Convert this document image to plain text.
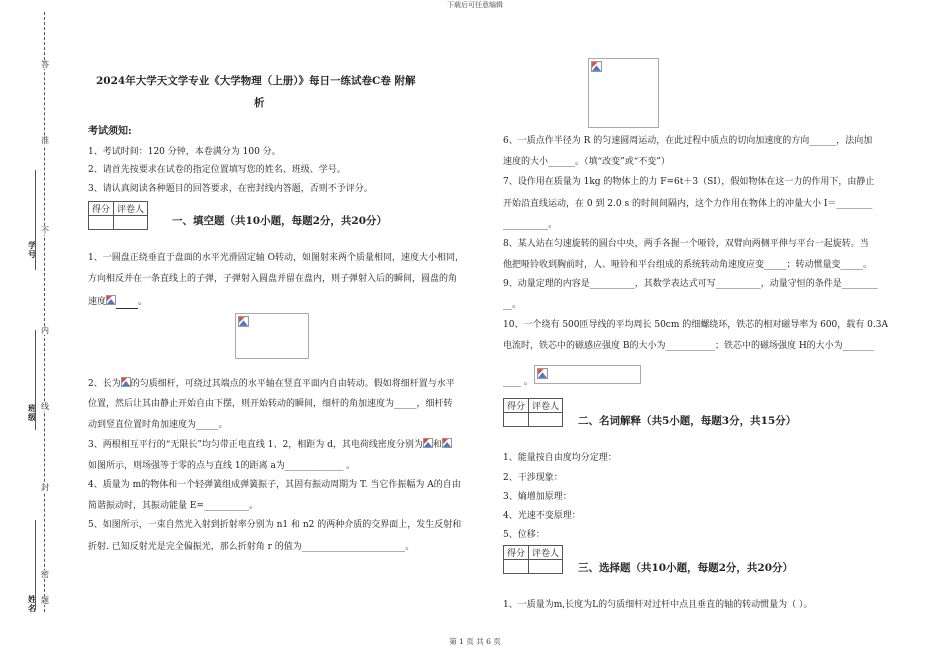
下载后可任意编辑
第 1 页 共 6 页
答
准
不
内
线
封
密
题
学号
班级
姓名
2024年大学天文学专业《大学物理（上册）》每日一练试卷C卷 附解
析
考试须知:
1、考试时间：120 分钟，本卷满分为 100 分。
2、请首先按要求在试卷的指定位置填写您的姓名、班级、学号。
3、请认真阅读各种题目的回答要求，在密封线内答题，否则不予评分。
得分	评卷人

一、填空题（共10小题，每题2分，共20分）
1、一圆盘正绕垂直于盘面的水平光滑固定轴 O转动，如图射来两个质量相同，速度大小相同，
方向相反并在一条直线上的子弹，子弹射入圆盘并留在盘内，则子弹射入后的瞬间，圆盘的角
速度	。
2、长为 的匀质细杆，可绕过其端点的水平轴在竖直平面内自由转动。假如将细杆置与水平
位置，然后让其由静止开始自由下摆，则开始转动的瞬间，细杆的角加速度为_____，细杆转
动到竖直位置时角加速度为_____。
3、两根相互平行的“无限长”均匀带正电直线 1、2，相距为 d，其电荷线密度分别为 和
如图所示，则场强等于零的点与直线 1的距离 a为_____________ 。
4、质量为 m的物体和一个轻弹簧组成弹簧振子，其固有振动周期为 T. 当它作振幅为 A的自由
简谐振动时，其振动能量 E=__________。
5、如图所示，一束自然光入射到折射率分别为 n1 和 n2 的两种介质的交界面上，发生反射和
折射. 已知反射光是完全偏振光，那么折射角 r 的值为_______________________。
6、一质点作半径为 R 的匀速圆周运动，在此过程中质点的切向加速度的方向______，法向加
速度的大小______。（填“改变”或“不变”）
7、设作用在质量为 1kg 的物体上的力 F=6t＋3（SI），假如物体在这一力的作用下，由静止
开始沿直线运动，在 0 到 2.0 s 的时间间隔内，这个力作用在物体上的冲量大小 I＝________
__________。
8、某人站在匀速旋转的圆台中央，两手各握一个哑铃，双臂向两侧平伸与平台一起旋转。当
他把哑铃收到胸前时，人、哑铃和平台组成的系统转动角速度应变_____；转动惯量变_____。
9、动量定理的内容是__________，其数学表达式可写__________，动量守恒的条件是________
__。
10、一个绕有 500匝导线的平均周长 50cm 的细螺绕环，铁芯的相对磁导率为 600，载有 0.3A
电流时，铁芯中的磁感应强度 B的大小为___________；铁芯中的磁场强度 H的大小为_______
____ 。
得分	评卷人

二、名词解释（共5小题，每题3分，共15分）
1、能量按自由度均分定理：
2、干涉现象：
3、熵增加原理：
4、光速不变原理：
5、位移：
得分	评卷人

三、选择题（共10小题，每题2分，共20分）
1、一质量为m,长度为L的匀质细杆对过杆中点且垂直的轴的转动惯量为（ ）。
